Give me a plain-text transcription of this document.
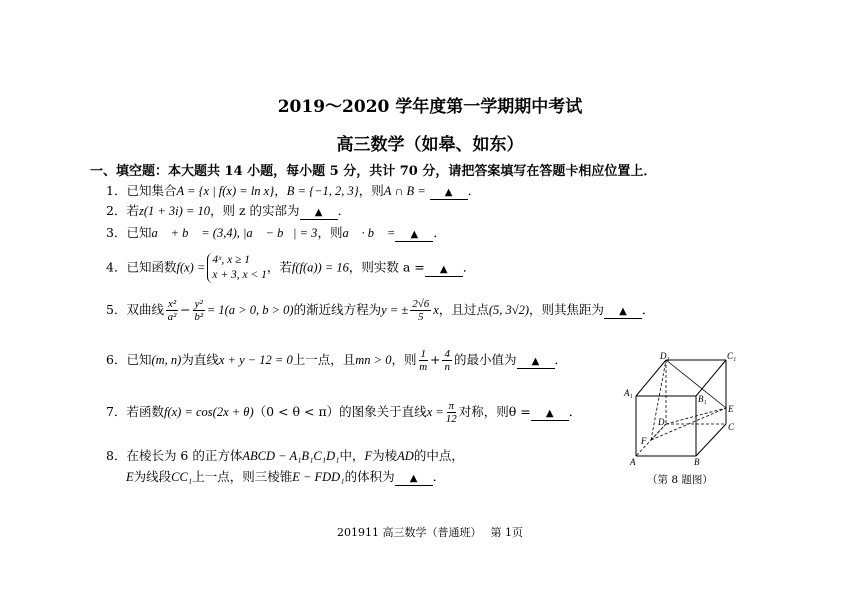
2019～2020 学年度第一学期期中考试
高三数学（如皋、如东）
一、填空题：本大题共 14 小题，每小题 5 分，共计 70 分，请把答案填写在答题卡相应位置上．
1．已知集合A = {x | f(x) = ln x}，B = {−1, 2, 3}，则A ∩ B = ▲ ．
2．若z(1 + 3i) = 10，则 z 的实部为 ▲ ．
3．已知a⃗ + b⃗ = (3,4), |a⃗ − b⃗| = 3，则a⃗ · b⃗ = ▲ ．
4．已知函数f(x) =
4ˣ, x ≥ 1
x + 3, x < 1
，若f(f(a)) = 16，则实数 a = ▲ ．
5．双曲线 $\frac{\text{x²}}{\text{a²}} - \frac{\text{y²}}{\text{b²}} = 1(a > 0$, b > 0)的渐近线方程为y = ± $\frac{2√6}{5}$ x，且过点(5, 3√2)，则其焦距为 ▲ ．
6．已知(m, n)为直线x + y − 12 = 0上一点，且mn > 0，则 $\frac{1}{m} + \frac{4}{n}$ 的最小值为 ▲ ．
7．若函数f(x) = cos(2x + θ)（0 < θ < π）的图象关于直线$x = \frac{\pi}{12}$ 对称，则θ = ▲ ．
8．在棱长为 6 的正方体ABCD − A₁B₁C₁D₁中，F为棱AD的中点，
E为线段CC₁上一点，则三棱锥E − FDD₁的体积为 ▲ ．
D₁	C₁
A₁
B₁
D	C
A	B
E
F
（第 8 题图）
201911 高三数学（普通班）　 第 1页
